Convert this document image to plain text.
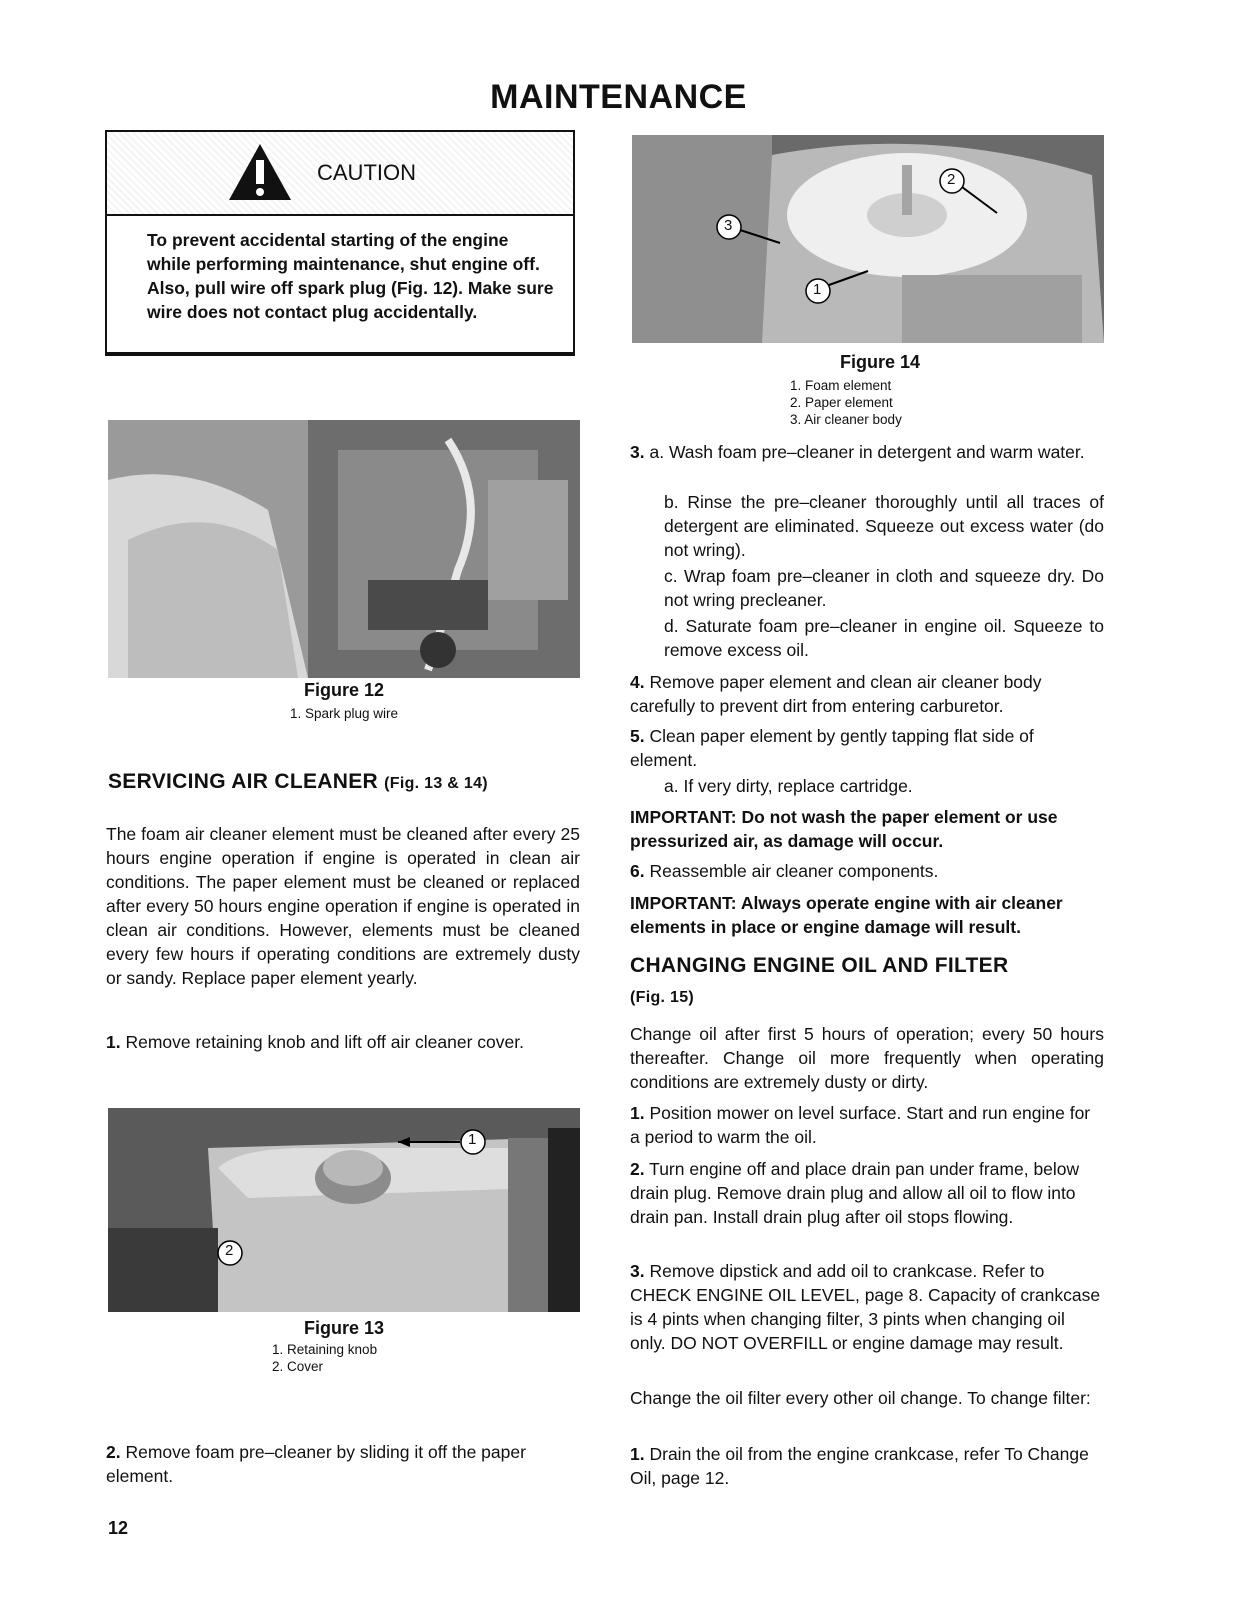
MAINTENANCE
CAUTION
To prevent accidental starting of the engine while performing maintenance, shut engine off. Also, pull wire off spark plug (Fig. 12). Make sure wire does not contact plug accidentally.
Figure 12
1. Spark plug wire
SERVICING AIR CLEANER (Fig. 13 & 14)
The foam air cleaner element must be cleaned after every 25 hours engine operation if engine is operated in clean air conditions. The paper element must be cleaned or replaced after every 50 hours engine operation if engine is operated in clean air conditions. However, elements must be cleaned every few hours if operating conditions are extremely dusty or sandy. Replace paper element yearly.
1. Remove retaining knob and lift off air cleaner cover.
1
2
Figure 13
1. Retaining knob
2. Cover
2. Remove foam pre–cleaner by sliding it off the paper element.
1
2
3
Figure 14
1. Foam element
2. Paper element
3. Air cleaner body
3. a. Wash foam pre–cleaner in detergent and warm water.
b. Rinse the pre–cleaner thoroughly until all traces of detergent are eliminated. Squeeze out excess water (do not wring).
c. Wrap foam pre–cleaner in cloth and squeeze dry. Do not wring precleaner.
d. Saturate foam pre–cleaner in engine oil. Squeeze to remove excess oil.
4. Remove paper element and clean air cleaner body carefully to prevent dirt from entering carburetor.
5. Clean paper element by gently tapping flat side of element.
a. If very dirty, replace cartridge.
IMPORTANT: Do not wash the paper element or use pressurized air, as damage will occur.
6. Reassemble air cleaner components.
IMPORTANT: Always operate engine with air cleaner elements in place or engine damage will result.
CHANGING ENGINE OIL AND FILTER
(Fig. 15)
Change oil after first 5 hours of operation; every 50 hours thereafter. Change oil more frequently when operating conditions are extremely dusty or dirty.
1. Position mower on level surface. Start and run engine for a period to warm the oil.
2. Turn engine off and place drain pan under frame, below drain plug. Remove drain plug and allow all oil to flow into drain pan. Install drain plug after oil stops flowing.
3. Remove dipstick and add oil to crankcase. Refer to CHECK ENGINE OIL LEVEL, page 8. Capacity of crankcase is 4 pints when changing filter, 3 pints when changing oil only. DO NOT OVERFILL or engine damage may result.
Change the oil filter every other oil change. To change filter:
1. Drain the oil from the engine crankcase, refer To Change Oil, page 12.
12
